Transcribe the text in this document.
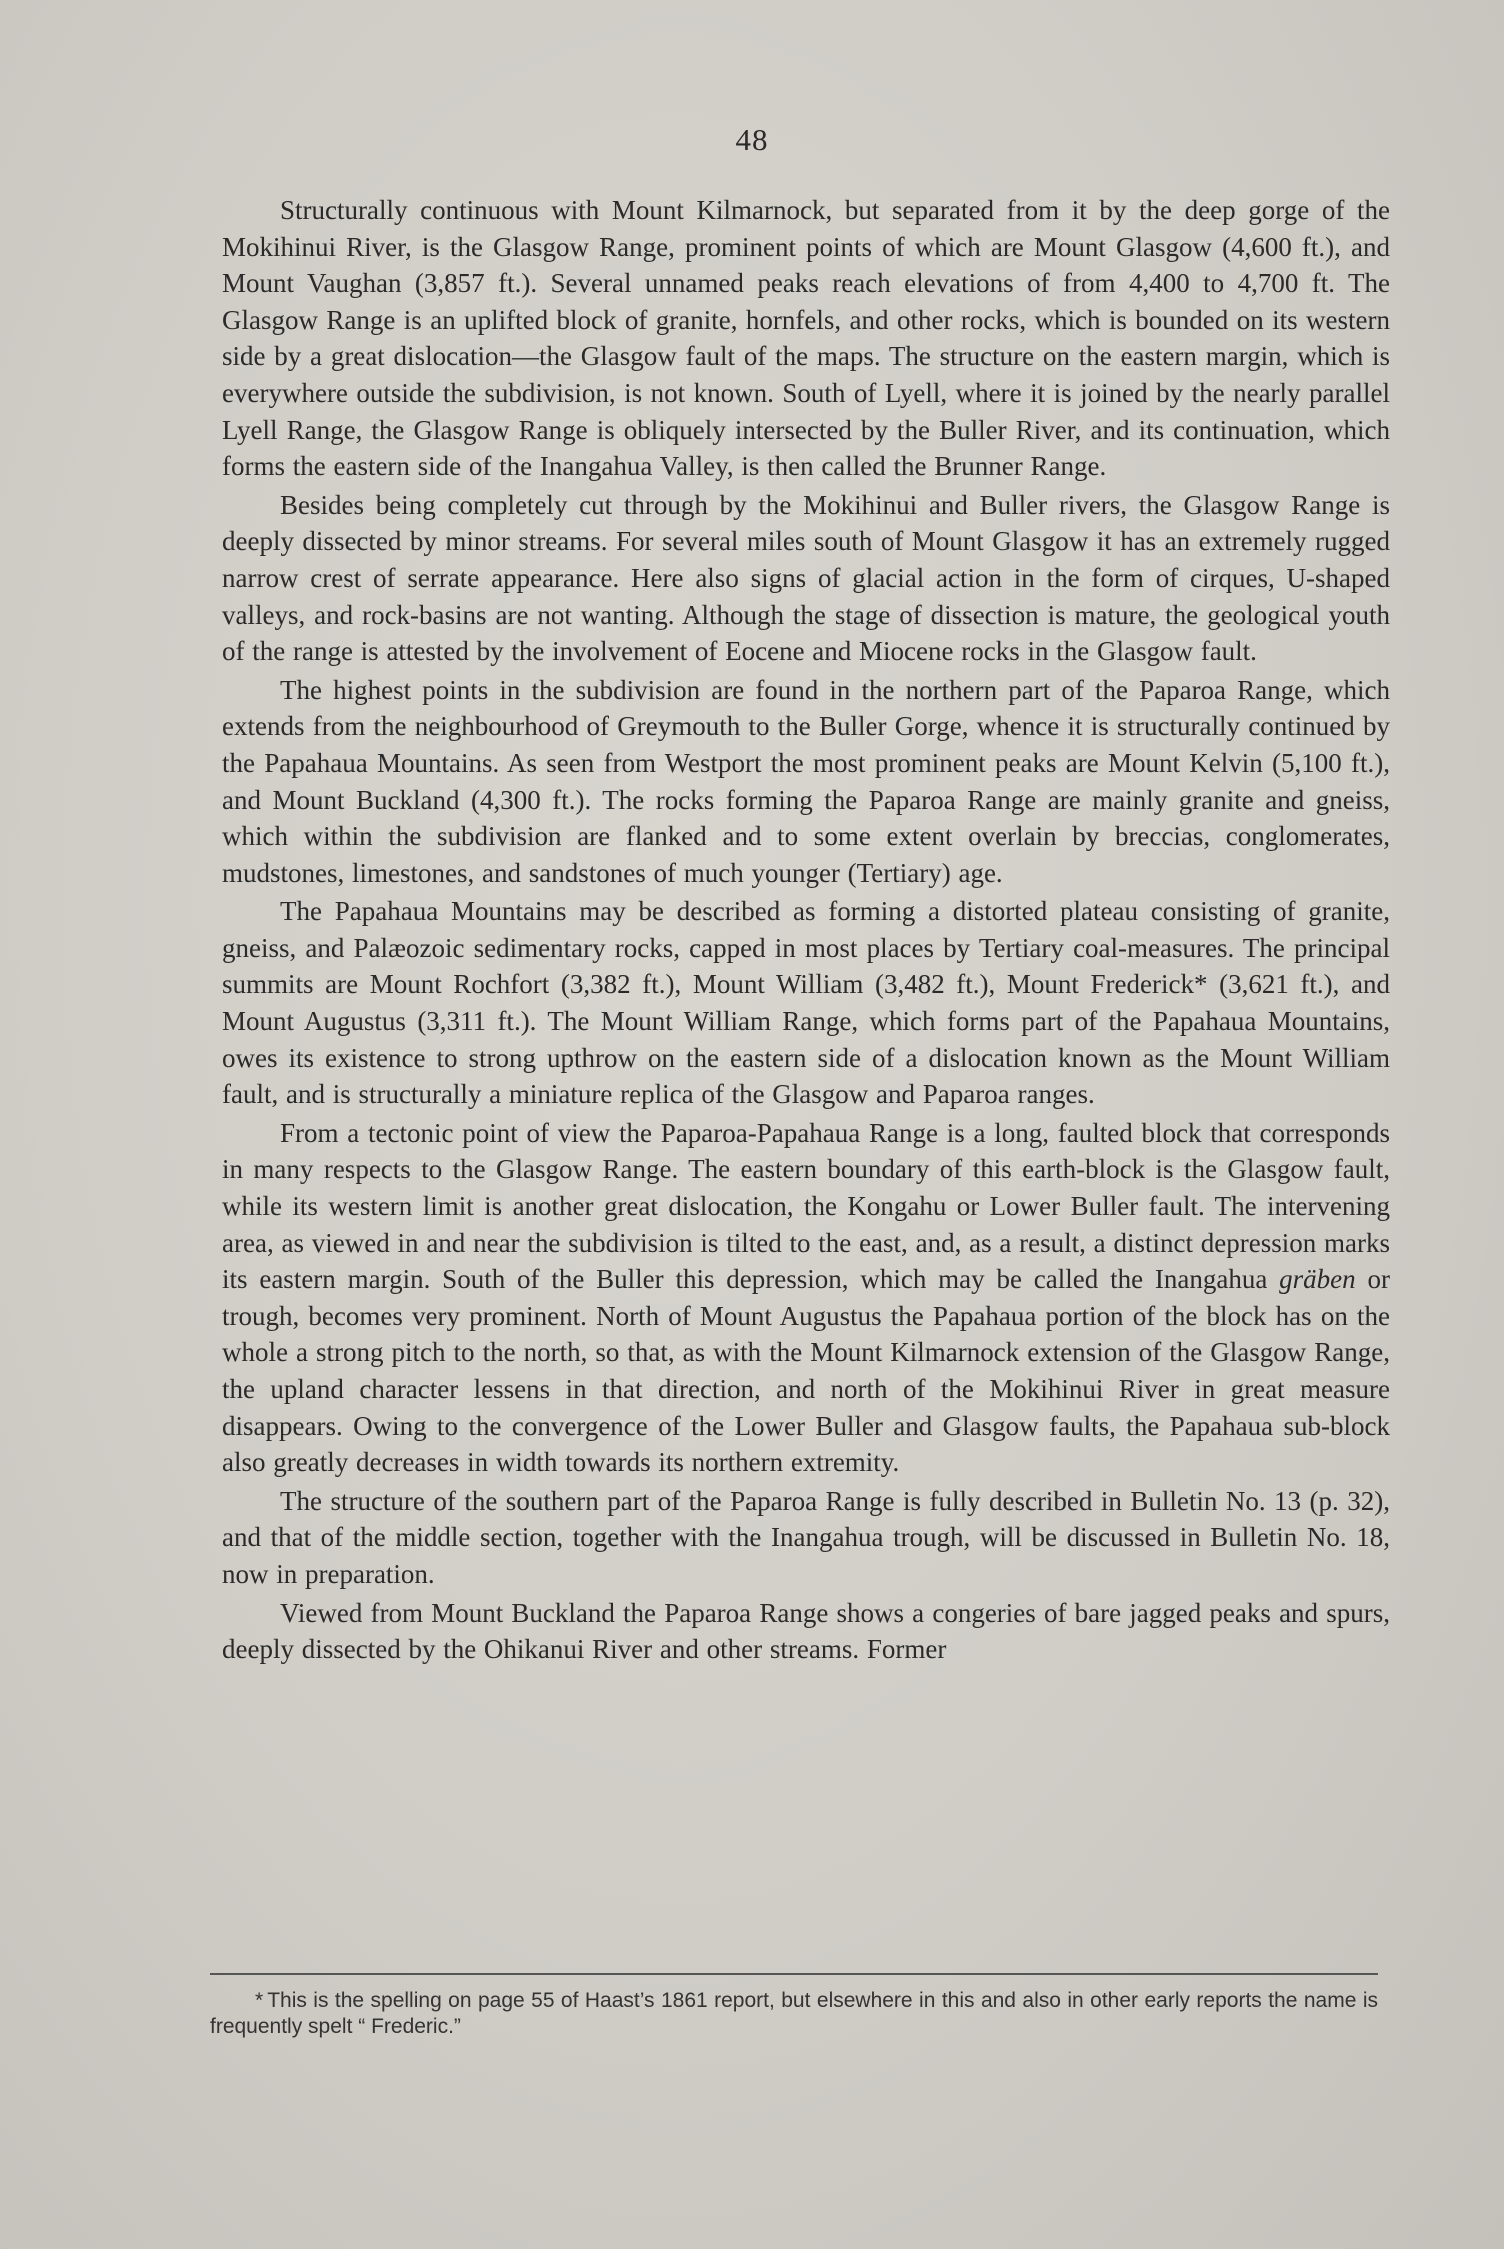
48

Structurally continuous with Mount Kilmarnock, but separated from it by the deep gorge of the Mokihinui River, is the Glasgow Range, prominent points of which are Mount Glasgow (4,600 ft.), and Mount Vaughan (3,857 ft.). Several unnamed peaks reach elevations of from 4,400 to 4,700 ft. The Glasgow Range is an uplifted block of granite, hornfels, and other rocks, which is bounded on its western side by a great dislocation—the Glasgow fault of the maps. The structure on the eastern margin, which is everywhere outside the subdivision, is not known. South of Lyell, where it is joined by the nearly parallel Lyell Range, the Glasgow Range is obliquely intersected by the Buller River, and its continuation, which forms the eastern side of the Inangahua Valley, is then called the Brunner Range.

Besides being completely cut through by the Mokihinui and Buller rivers, the Glasgow Range is deeply dissected by minor streams. For several miles south of Mount Glasgow it has an extremely rugged narrow crest of serrate appearance. Here also signs of glacial action in the form of cirques, U-shaped valleys, and rock-basins are not wanting. Although the stage of dissection is mature, the geological youth of the range is attested by the involvement of Eocene and Miocene rocks in the Glasgow fault.

The highest points in the subdivision are found in the northern part of the Paparoa Range, which extends from the neighbourhood of Greymouth to the Buller Gorge, whence it is structurally continued by the Papahaua Mountains. As seen from Westport the most prominent peaks are Mount Kelvin (5,100 ft.), and Mount Buckland (4,300 ft.). The rocks forming the Paparoa Range are mainly granite and gneiss, which within the subdivision are flanked and to some extent overlain by breccias, conglomerates, mudstones, limestones, and sandstones of much younger (Tertiary) age.

The Papahaua Mountains may be described as forming a distorted plateau consisting of granite, gneiss, and Palæozoic sedimentary rocks, capped in most places by Tertiary coal-measures. The principal summits are Mount Rochfort (3,382 ft.), Mount William (3,482 ft.), Mount Frederick* (3,621 ft.), and Mount Augustus (3,311 ft.). The Mount William Range, which forms part of the Papahaua Mountains, owes its existence to strong upthrow on the eastern side of a dislocation known as the Mount William fault, and is structurally a miniature replica of the Glasgow and Paparoa ranges.

From a tectonic point of view the Paparoa-Papahaua Range is a long, faulted block that corresponds in many respects to the Glasgow Range. The eastern boundary of this earth-block is the Glasgow fault, while its western limit is another great dislocation, the Kongahu or Lower Buller fault. The intervening area, as viewed in and near the subdivision is tilted to the east, and, as a result, a distinct depression marks its eastern margin. South of the Buller this depression, which may be called the Inangahua gräben or trough, becomes very prominent. North of Mount Augustus the Papahaua portion of the block has on the whole a strong pitch to the north, so that, as with the Mount Kilmarnock extension of the Glasgow Range, the upland character lessens in that direction, and north of the Mokihinui River in great measure disappears. Owing to the convergence of the Lower Buller and Glasgow faults, the Papahaua sub-block also greatly decreases in width towards its northern extremity.

The structure of the southern part of the Paparoa Range is fully described in Bulletin No. 13 (p. 32), and that of the middle section, together with the Inangahua trough, will be discussed in Bulletin No. 18, now in preparation.

Viewed from Mount Buckland the Paparoa Range shows a congeries of bare jagged peaks and spurs, deeply dissected by the Ohikanui River and other streams. Former

* This is the spelling on page 55 of Haast’s 1861 report, but elsewhere in this and also in other early reports the name is frequently spelt “ Frederic.”
